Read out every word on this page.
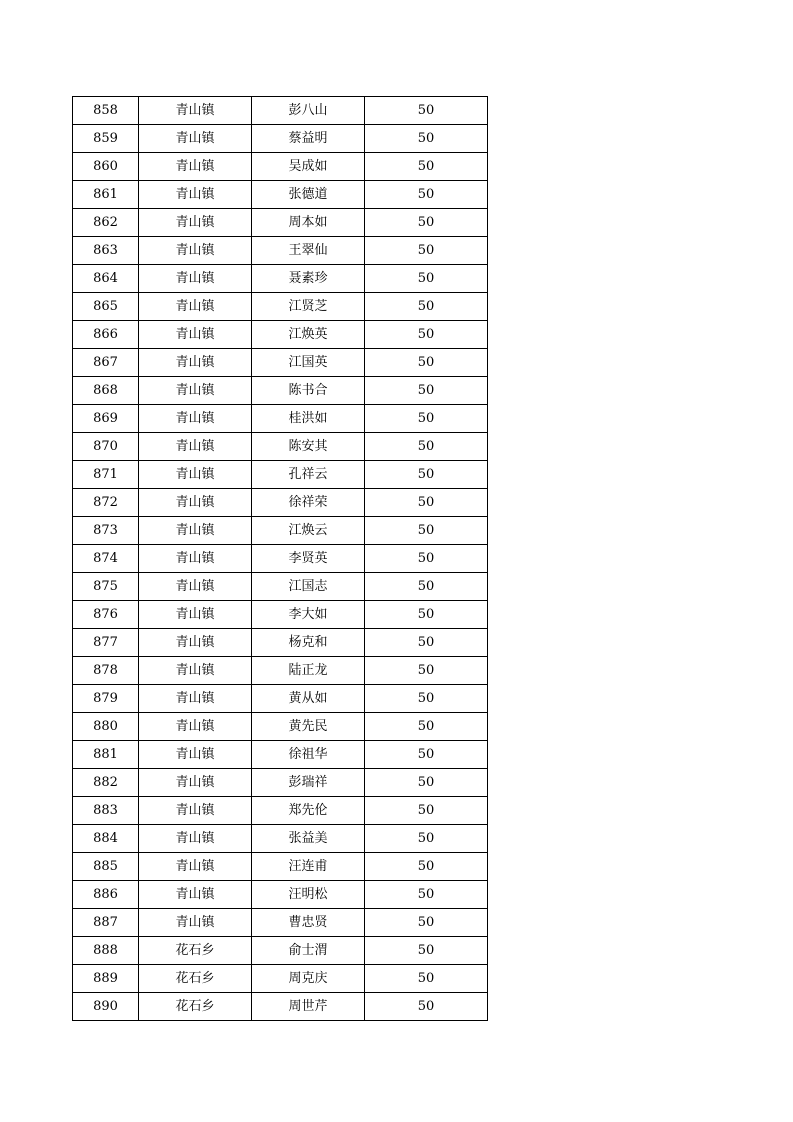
858	青山镇	彭八山	50
859	青山镇	蔡益明	50
860	青山镇	吴成如	50
861	青山镇	张德道	50
862	青山镇	周本如	50
863	青山镇	王翠仙	50
864	青山镇	聂素珍	50
865	青山镇	江贤芝	50
866	青山镇	江焕英	50
867	青山镇	江国英	50
868	青山镇	陈书合	50
869	青山镇	桂洪如	50
870	青山镇	陈安其	50
871	青山镇	孔祥云	50
872	青山镇	徐祥荣	50
873	青山镇	江焕云	50
874	青山镇	李贤英	50
875	青山镇	江国志	50
876	青山镇	李大如	50
877	青山镇	杨克和	50
878	青山镇	陆正龙	50
879	青山镇	黄从如	50
880	青山镇	黄先民	50
881	青山镇	徐祖华	50
882	青山镇	彭瑞祥	50
883	青山镇	郑先伦	50
884	青山镇	张益美	50
885	青山镇	汪连甫	50
886	青山镇	汪明松	50
887	青山镇	曹忠贤	50
888	花石乡	俞士渭	50
889	花石乡	周克庆	50
890	花石乡	周世芹	50
